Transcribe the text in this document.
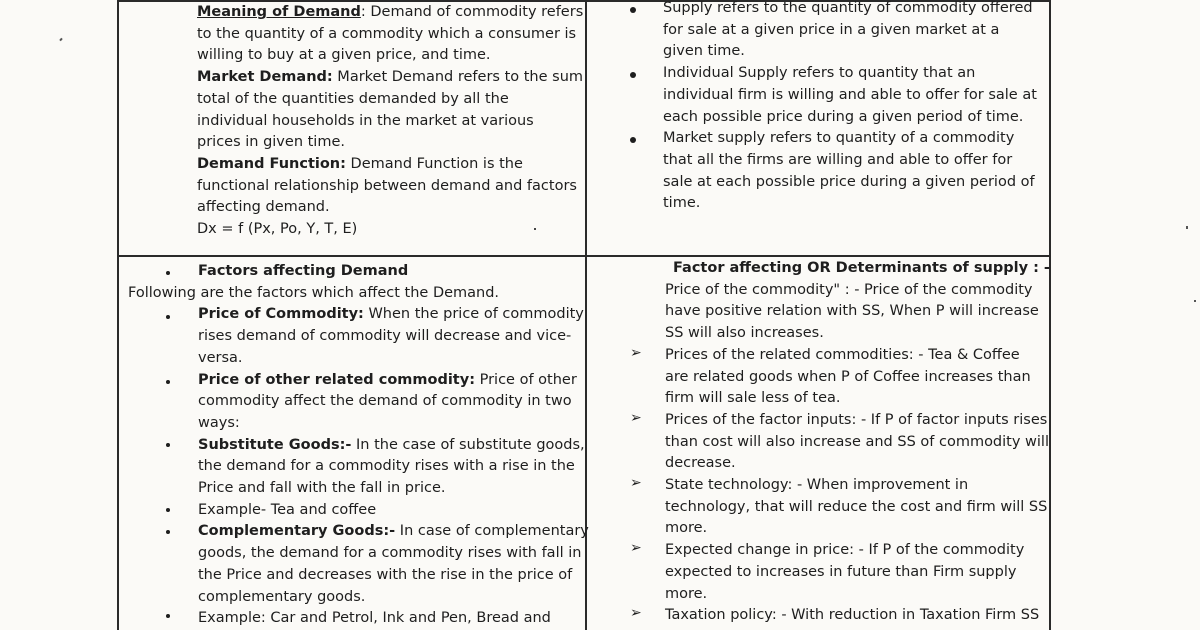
Meaning of Demand: Demand of commodity refers
to the quantity of a commodity which a consumer is
willing to buy at a given price, and time.
Market Demand: Market Demand refers to the sum
total of the quantities demanded by all the
individual households in the market at various
prices in given time.
Demand Function: Demand Function is the
functional relationship between demand and factors
affecting demand.
Dx = f (Px, Po, Y, T, E)
Supply refers to the quantity of commodity offered
for sale at a given price in a given market at a
given time.
Individual Supply refers to quantity that an
individual firm is willing and able to offer for sale at
each possible price during a given period of time.
Market supply refers to quantity of a commodity
that all the firms are willing and able to offer for
sale at each possible price during a given period of
time.
Factors affecting Demand
Following are the factors which affect the Demand.
Price of Commodity: When the price of commodity
rises demand of commodity will decrease and vice-
versa.
Price of other related commodity: Price of other
commodity affect the demand of commodity in two
ways:
Substitute Goods:- In the case of substitute goods,
the demand for a commodity rises with a rise in the
Price and fall with the fall in price.
Example- Tea and coffee
Complementary Goods:- In case of complementary
goods, the demand for a commodity rises with fall in
the Price and decreases with the rise in the price of
complementary goods.
Example: Car and Petrol, Ink and Pen, Bread and
➢
➢
➢
➢
➢
Factor affecting OR Determinants of supply : -
Price of the commodity" : - Price of the commodity
have positive relation with SS, When P will increase
SS will also increases.
Prices of the related commodities: - Tea & Coffee
are related goods when P of Coffee increases than
firm will sale less of tea.
Prices of the factor inputs: - If P of factor inputs rises
than cost will also increase and SS of commodity will
decrease.
State technology: - When improvement in
technology, that will reduce the cost and firm will SS
more.
Expected change in price: - If P of the commodity
expected to increases in future than Firm supply
more.
Taxation policy: - With reduction in Taxation Firm SS
